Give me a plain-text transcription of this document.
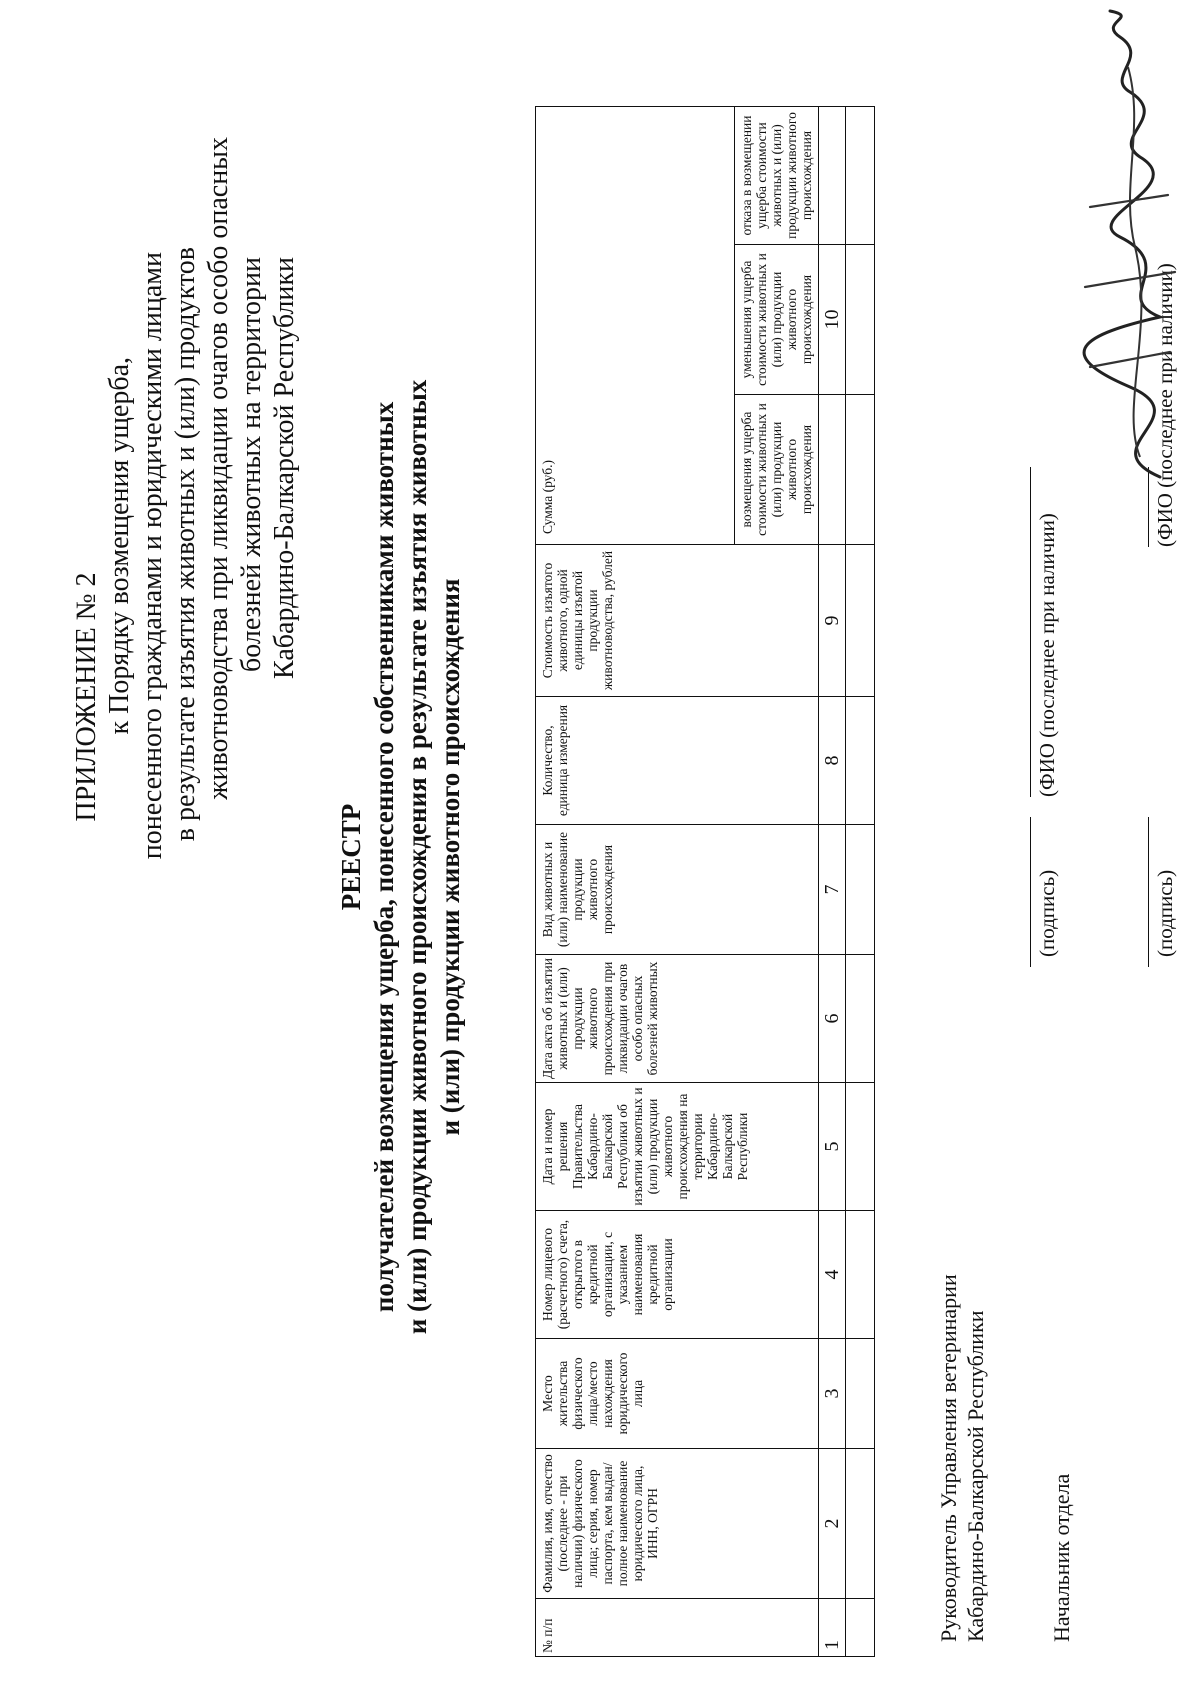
ПРИЛОЖЕНИЕ № 2 к Порядку возмещения ущерба, понесенного гражданами и юридическими лицами в результате изъятия животных и (или) продуктов животноводства при ликвидации очагов особо опасных болезней животных на территории Кабардино-Балкарской Республики
РЕЕСТР получателей возмещения ущерба, понесенного собственниками животных и (или) продукции животного происхождения в результате изъятия животных и (или) продукции животного происхождения
№ п/п	Фамилия, имя, отчество (последнее - при наличии) физического лица; серия, номер паспорта, кем выдан/полное наименование юридического лица, ИНН, ОГРН	Место жительства физического лица/место нахождения юридического лица	Номер лицевого (расчетного) счета, открытого в кредитной организации, с указанием наименования кредитной организации	Дата и номер решения Правительства Кабардино-Балкарской Республики об изъятии животных и (или) продукции животного происхождения на территории Кабардино-Балкарской Республики	Дата акта об изъятии животных и (или) продукции животного происхождения при ликвидации очагов особо опасных болезней животных	Вид животных и (или) наименование продукции животного происхождения	Количество, единица измерения	Стоимость изъятого животного, одной единицы изъятой продукции животноводства, рублей	Сумма (руб.)		
									возмещения ущерба стоимости животных и (или) продукции животного происхождения	уменьшения ущерба стоимости животных и (или) продукции животного происхождения	отказа в возмещении ущерба стоимости животных и (или) продукции животного происхождения
1	2	3	4	5	6	7	8	9		10	

Руководитель Управления ветеринарии Кабардино-Балкарской Республики
(подпись)
(ФИО (последнее при наличии)
Начальник отдела
(подпись)
(ФИО (последнее при наличии)
